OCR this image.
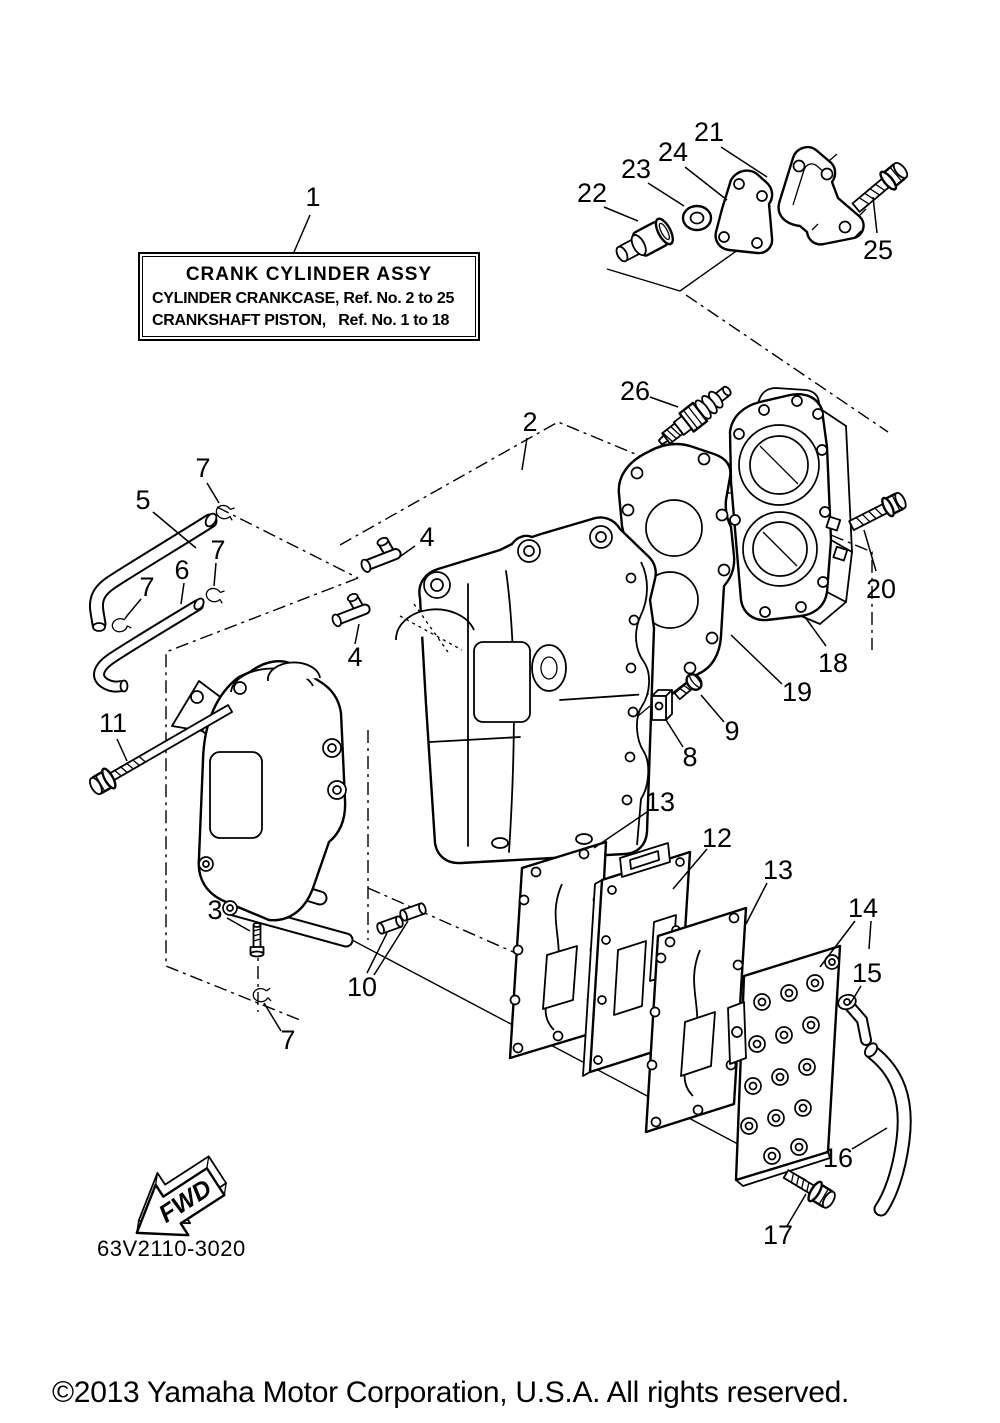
FWD
1
2
3
4
4
5
6
7
7
7
7
8
9
10
11
12
13
13
14
15
16
17
18
19
20
21
22
23
24
25
26
CRANK CYLINDER ASSY
CYLINDER CRANKCASE, Ref. No. 2 to 25
CRANKSHAFT PISTON,   Ref. No. 1 to 18
63V2110-3020
©2013 Yamaha Motor Corporation, U.S.A. All rights reserved.
